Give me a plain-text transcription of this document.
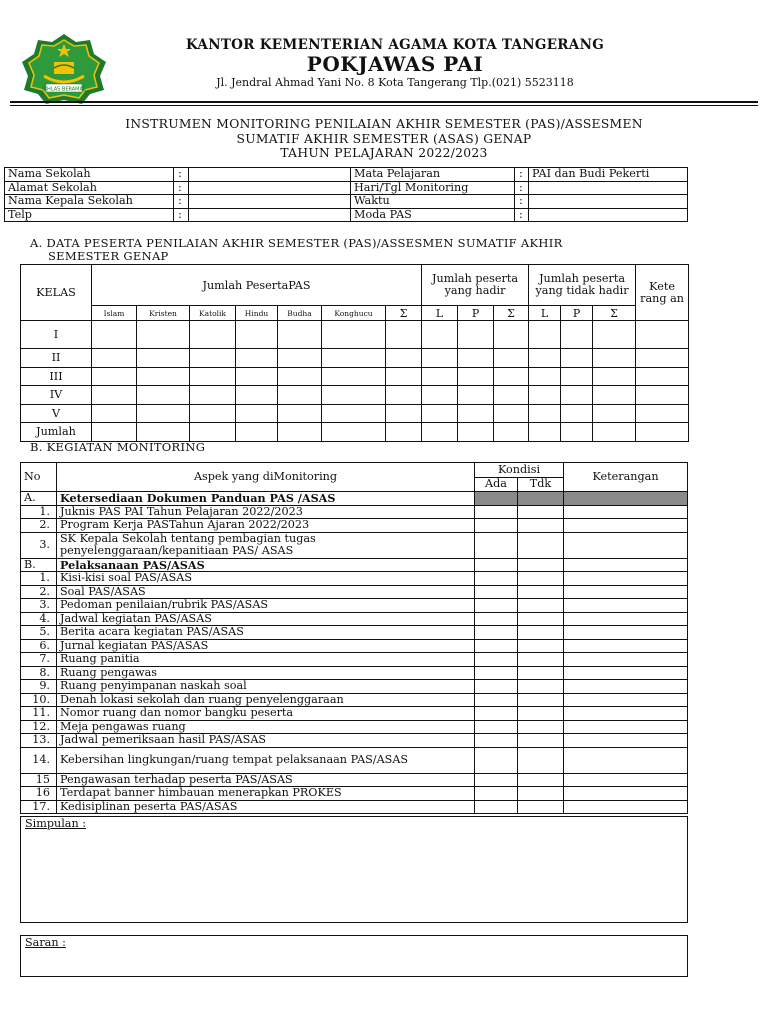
IKHLAS BERAMAL
KANTOR KEMENTERIAN AGAMA KOTA TANGERANG
POKJAWAS PAI
Jl. Jendral Ahmad Yani No. 8 Kota Tangerang Tlp.(021) 5523118
INSTRUMEN MONITORING PENILAIAN AKHIR SEMESTER (PAS)/ASSESMEN
SUMATIF AKHIR SEMESTER (ASAS) GENAP
TAHUN PELAJARAN 2022/2023
Nama Sekolah	:		Mata Pelajaran	:	PAI dan Budi Pekerti
Alamat Sekolah	:		Hari/Tgl Monitoring	:	
Nama Kepala Sekolah	:		Waktu	:	
Telp	:		Moda PAS	:	
A. DATA PESERTA PENILAIAN AKHIR SEMESTER (PAS)/ASSESMEN SUMATIF AKHIR
SEMESTER GENAP
KELAS	Jumlah PesertaPAS							Jumlah peserta yang hadir			Jumlah peserta yang tidak hadir			Kete rang an
	Islam	Kristen	Katolik	Hindu	Budha	Konghucu	Σ	L	P	Σ	L	P	Σ	
I														
II														
III														
IV														
V														
Jumlah														
B. KEGIATAN MONITORING
No	Aspek yang diMonitoring	Kondisi		Keterangan
		Ada	Tdk	
A.	Ketersediaan Dokumen Panduan PAS /ASAS			
1.	Juknis PAS PAI Tahun Pelajaran 2022/2023			
2.	Program Kerja PASTahun Ajaran 2022/2023			
3.	SK Kepala Sekolah tentang pembagian tugas penyelenggaraan/kepanitiaan PAS/ ASAS			
B.	Pelaksanaan PAS/ASAS			
1.	Kisi-kisi soal PAS/ASAS			
2.	Soal PAS/ASAS			
3.	Pedoman penilaian/rubrik PAS/ASAS			
4.	Jadwal kegiatan PAS/ASAS			
5.	Berita acara kegiatan PAS/ASAS			
6.	Jurnal kegiatan PAS/ASAS			
7.	Ruang panitia			
8.	Ruang pengawas			
9.	Ruang penyimpanan naskah soal			
10.	Denah lokasi sekolah dan ruang penyelenggaraan			
11.	Nomor ruang dan nomor bangku peserta			
12.	Meja pengawas ruang			
13.	Jadwal pemeriksaan hasil PAS/ASAS			
14.	Kebersihan lingkungan/ruang tempat pelaksanaan PAS/ASAS			
15	Pengawasan terhadap peserta PAS/ASAS			
16	Terdapat banner himbauan menerapkan PROKES			
17.	Kedisiplinan peserta PAS/ASAS			
Simpulan :
Saran :
